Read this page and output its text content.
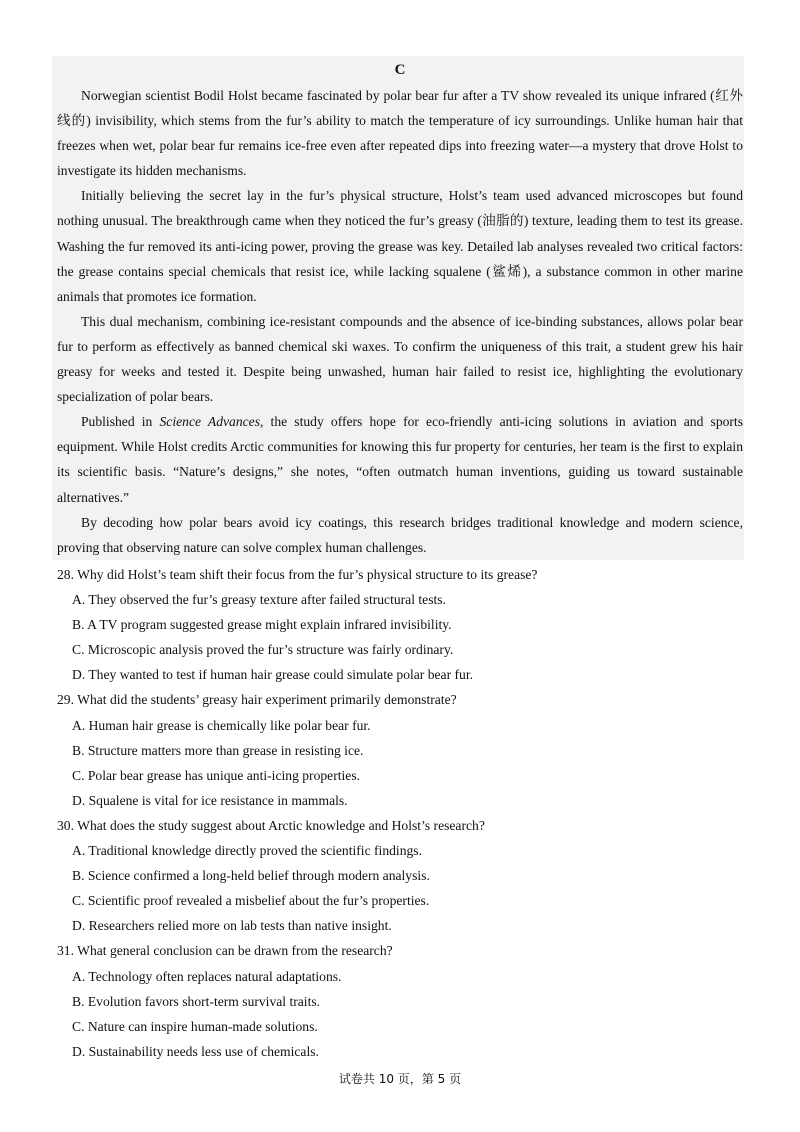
C

Norwegian scientist Bodil Holst became fascinated by polar bear fur after a TV show revealed its unique infrared (红外线的) invisibility, which stems from the fur’s ability to match the temperature of icy surroundings. Unlike human hair that freezes when wet, polar bear fur remains ice-free even after repeated dips into freezing water—a mystery that drove Holst to investigate its hidden mechanisms.

Initially believing the secret lay in the fur’s physical structure, Holst’s team used advanced microscopes but found nothing unusual. The breakthrough came when they noticed the fur’s greasy (油脂的) texture, leading them to test its grease. Washing the fur removed its anti-icing power, proving the grease was key. Detailed lab analyses revealed two critical factors: the grease contains special chemicals that resist ice, while lacking squalene (鲨烯), a substance common in other marine animals that promotes ice formation.

This dual mechanism, combining ice-resistant compounds and the absence of ice-binding substances, allows polar bear fur to perform as effectively as banned chemical ski waxes. To confirm the uniqueness of this trait, a student grew his hair greasy for weeks and tested it. Despite being unwashed, human hair failed to resist ice, highlighting the evolutionary specialization of polar bears.

Published in Science Advances, the study offers hope for eco-friendly anti-icing solutions in aviation and sports equipment. While Holst credits Arctic communities for knowing this fur property for centuries, her team is the first to explain its scientific basis. “Nature’s designs,” she notes, “often outmatch human inventions, guiding us toward sustainable alternatives.”

By decoding how polar bears avoid icy coatings, this research bridges traditional knowledge and modern science, proving that observing nature can solve complex human challenges.

28. Why did Holst’s team shift their focus from the fur’s physical structure to its grease?

A. They observed the fur’s greasy texture after failed structural tests.
B. A TV program suggested grease might explain infrared invisibility.
C. Microscopic analysis proved the fur’s structure was fairly ordinary.
D. They wanted to test if human hair grease could simulate polar bear fur.

29. What did the students’ greasy hair experiment primarily demonstrate?

A. Human hair grease is chemically like polar bear fur.
B. Structure matters more than grease in resisting ice.
C. Polar bear grease has unique anti-icing properties.
D. Squalene is vital for ice resistance in mammals.

30. What does the study suggest about Arctic knowledge and Holst’s research?

A. Traditional knowledge directly proved the scientific findings.
B. Science confirmed a long-held belief through modern analysis.
C. Scientific proof revealed a misbelief about the fur’s properties.
D. Researchers relied more on lab tests than native insight.

31. What general conclusion can be drawn from the research?

A. Technology often replaces natural adaptations.
B. Evolution favors short-term survival traits.
C. Nature can inspire human-made solutions.
D. Sustainability needs less use of chemicals.
试卷共 10 页，第 5 页
